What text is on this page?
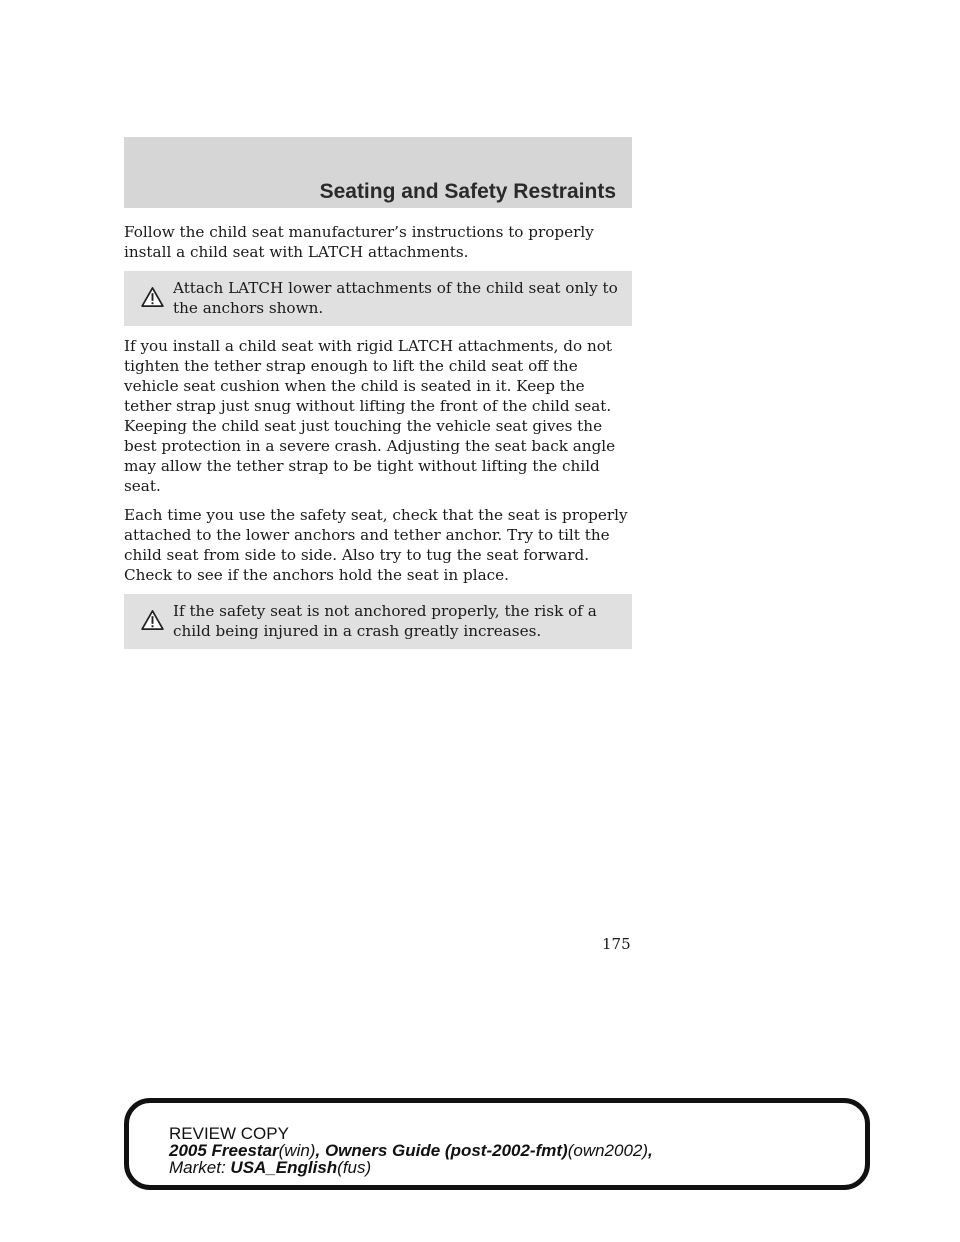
Seating and Safety Restraints

Follow the child seat manufacturer’s instructions to properly install a child seat with LATCH attachments.

Attach LATCH lower attachments of the child seat only to the anchors shown.

If you install a child seat with rigid LATCH attachments, do not tighten the tether strap enough to lift the child seat off the vehicle seat cushion when the child is seated in it. Keep the tether strap just snug without lifting the front of the child seat. Keeping the child seat just touching the vehicle seat gives the best protection in a severe crash. Adjusting the seat back angle may allow the tether strap to be tight without lifting the child seat.

Each time you use the safety seat, check that the seat is properly attached to the lower anchors and tether anchor. Try to tilt the child seat from side to side. Also try to tug the seat forward. Check to see if the anchors hold the seat in place.

If the safety seat is not anchored properly, the risk of a child being injured in a crash greatly increases.
175
REVIEW COPY
2005 Freestar(win), Owners Guide (post-2002-fmt)(own2002),
Market: USA_English(fus)
